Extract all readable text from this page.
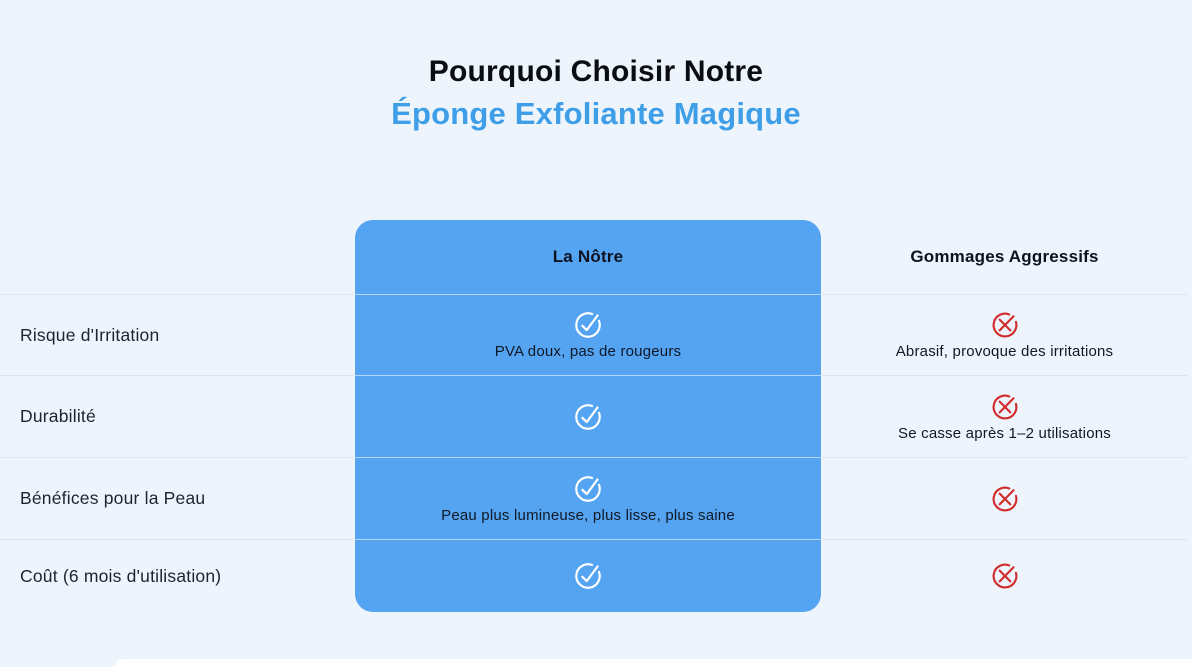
Pourquoi Choisir Notre
Éponge Exfoliante Magique
La Nôtre	Gommages Aggressifs
Risque d'Irritation
PVA doux, pas de rougeurs	Abrasif, provoque des irritations
Durabilité
Se casse après 1–2 utilisations
Bénéfices pour la Peau
Peau plus lumineuse, plus lisse, plus saine
Coût (6 mois d'utilisation)
